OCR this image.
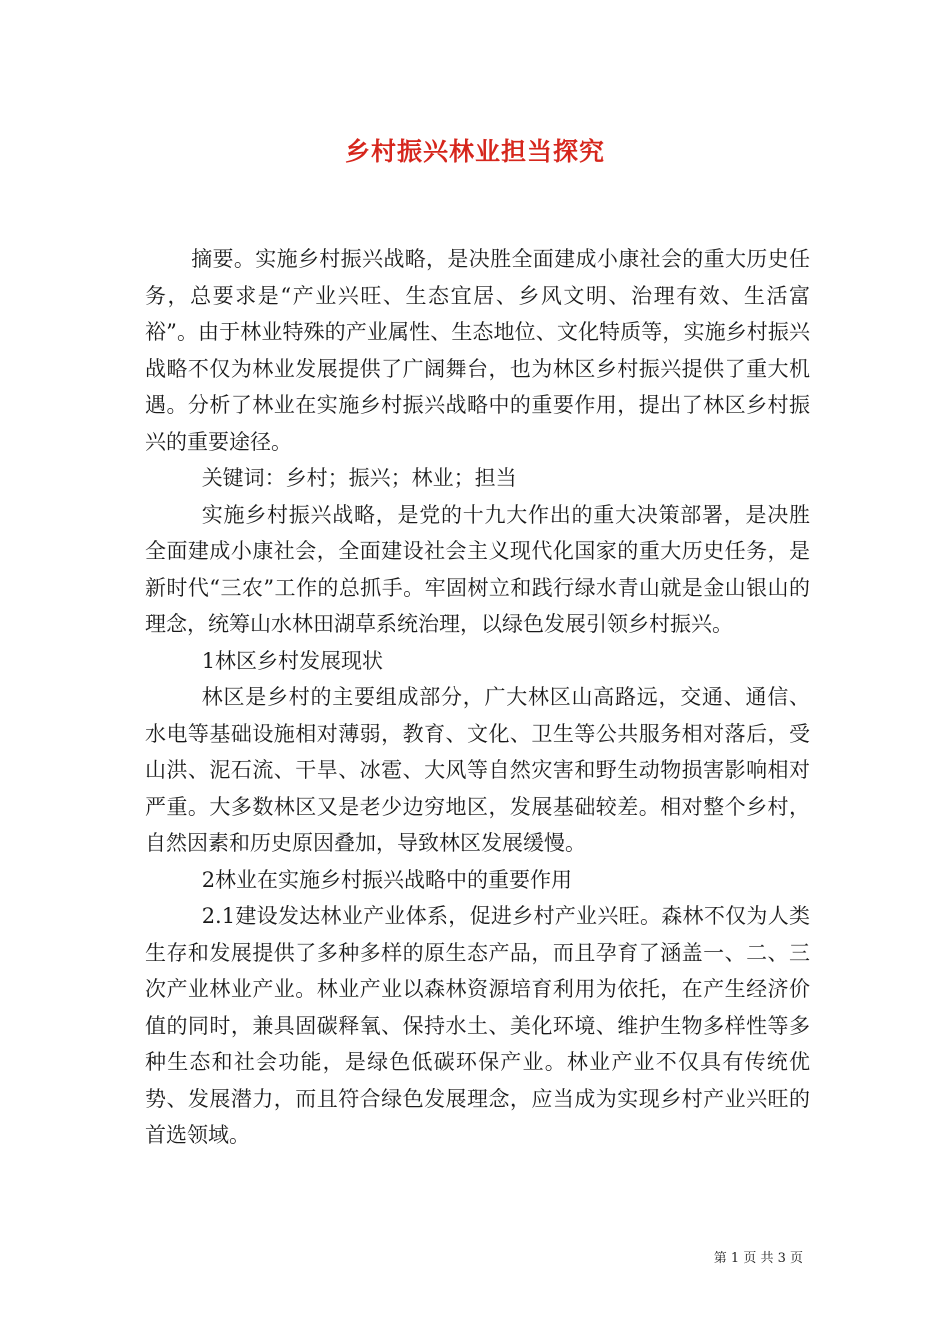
乡村振兴林业担当探究

摘要。实施乡村振兴战略，是决胜全面建成小康社会的重大历史任务，总要求是“产业兴旺、生态宜居、乡风文明、治理有效、生活富裕”。由于林业特殊的产业属性、生态地位、文化特质等，实施乡村振兴战略不仅为林业发展提供了广阔舞台，也为林区乡村振兴提供了重大机遇。分析了林业在实施乡村振兴战略中的重要作用，提出了林区乡村振兴的重要途径。

关键词：乡村；振兴；林业；担当

实施乡村振兴战略，是党的十九大作出的重大决策部署，是决胜全面建成小康社会，全面建设社会主义现代化国家的重大历史任务，是新时代“三农”工作的总抓手。牢固树立和践行绿水青山就是金山银山的理念，统筹山水林田湖草系统治理，以绿色发展引领乡村振兴。

1林区乡村发展现状

林区是乡村的主要组成部分，广大林区山高路远，交通、通信、水电等基础设施相对薄弱，教育、文化、卫生等公共服务相对落后，受山洪、泥石流、干旱、冰雹、大风等自然灾害和野生动物损害影响相对严重。大多数林区又是老少边穷地区，发展基础较差。相对整个乡村，自然因素和历史原因叠加，导致林区发展缓慢。

2林业在实施乡村振兴战略中的重要作用

2.1建设发达林业产业体系，促进乡村产业兴旺。森林不仅为人类生存和发展提供了多种多样的原生态产品，而且孕育了涵盖一、二、三次产业林业产业。林业产业以森林资源培育利用为依托，在产生经济价值的同时，兼具固碳释氧、保持水土、美化环境、维护生物多样性等多种生态和社会功能，是绿色低碳环保产业。林业产业不仅具有传统优势、发展潜力，而且符合绿色发展理念，应当成为实现乡村产业兴旺的首选领域。

第 1 页 共 3 页
